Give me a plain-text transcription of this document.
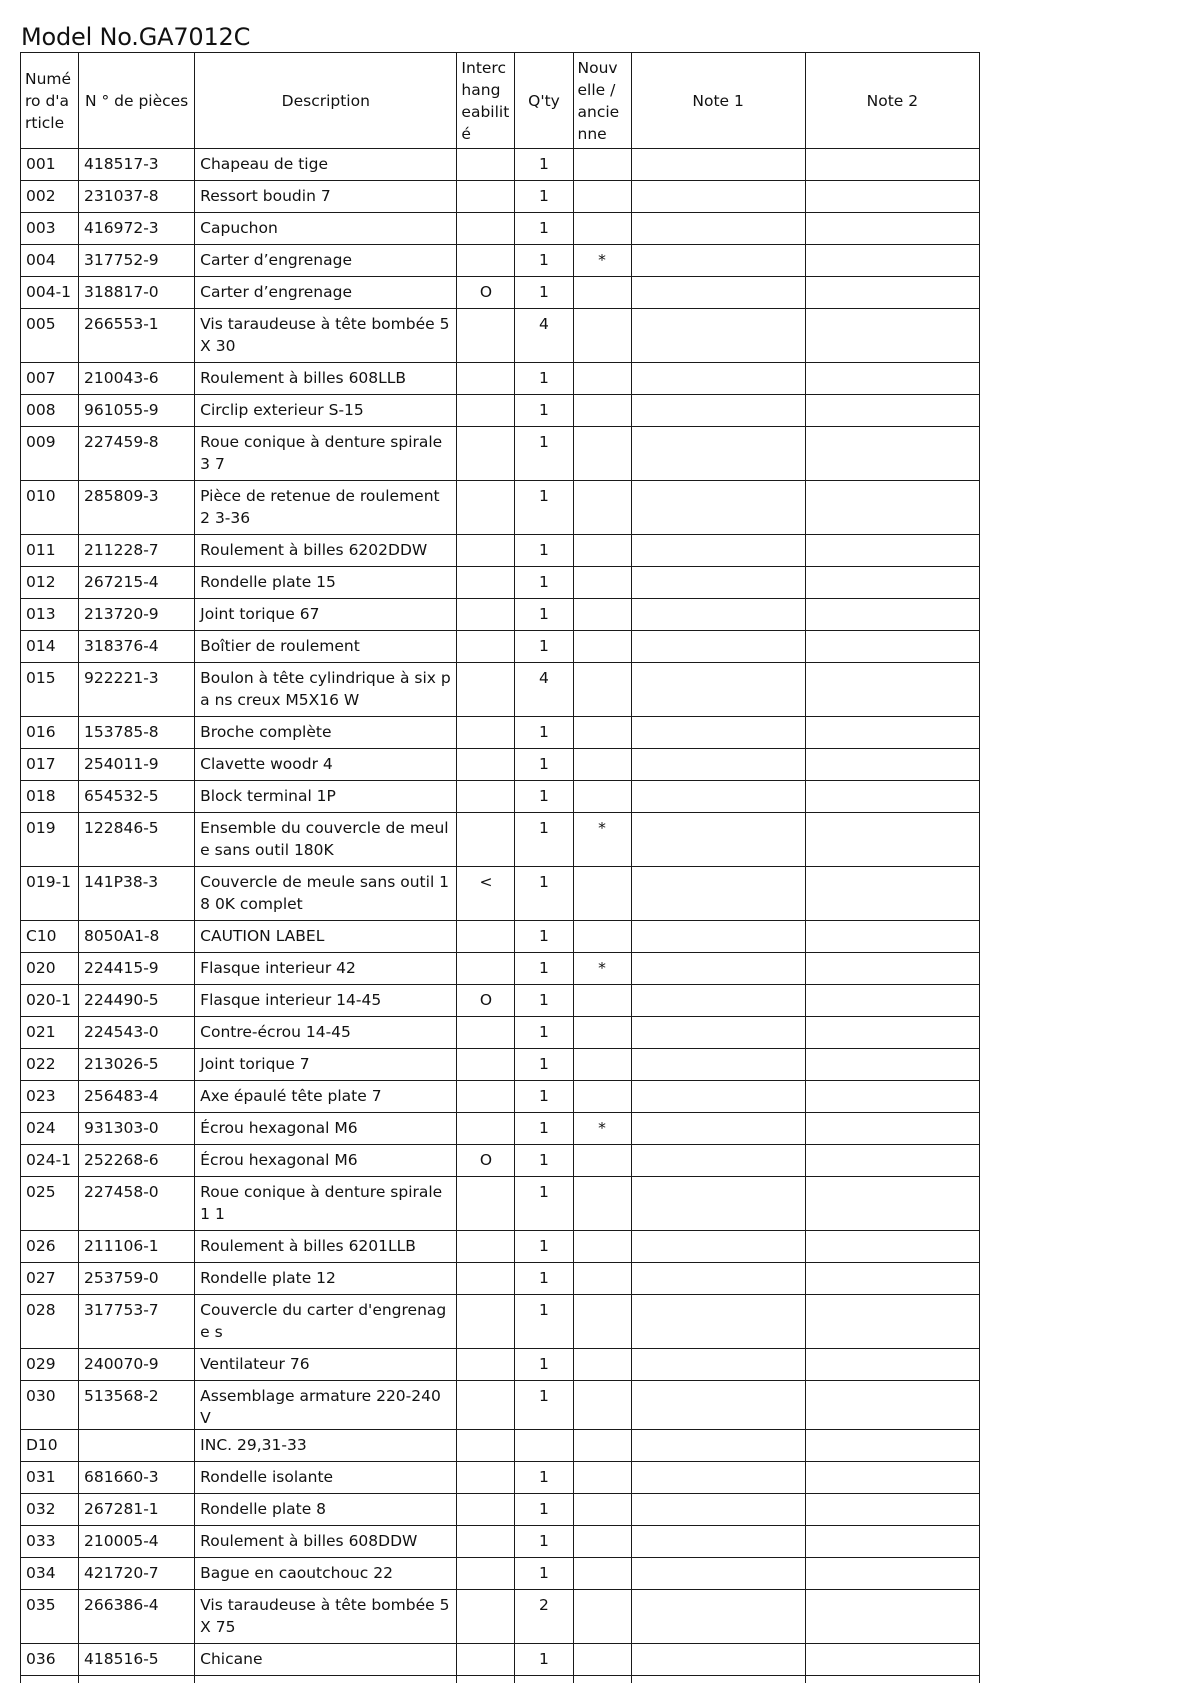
Model No.GA7012C
Numé ro d'a rticle	N ° de pièces	Description	Interc hang eabilit é	Q'ty	Nouv elle / ancie nne	Note 1	Note 2
001	418517-3	Chapeau de tige		1			
002	231037-8	Ressort boudin 7		1			
003	416972-3	Capuchon		1			
004	317752-9	Carter d’engrenage		1	*		
004-1	318817-0	Carter d’engrenage	O	1			
005	266553-1	Vis taraudeuse à tête bombée 5X 30		4			
007	210043-6	Roulement à billes 608LLB		1			
008	961055-9	Circlip exterieur S-15		1			
009	227459-8	Roue conique à denture spirale 3 7		1			
010	285809-3	Pièce de retenue de roulement 2 3-36		1			
011	211228-7	Roulement à billes 6202DDW		1			
012	267215-4	Rondelle plate 15		1			
013	213720-9	Joint torique 67		1			
014	318376-4	Boîtier de roulement		1			
015	922221-3	Boulon à tête cylindrique à six pa ns creux M5X16 W		4			
016	153785-8	Broche complète		1			
017	254011-9	Clavette woodr 4		1			
018	654532-5	Block terminal 1P		1			
019	122846-5	Ensemble du couvercle de meule sans outil 180K		1	*		
019-1	141P38-3	Couvercle de meule sans outil 18 0K complet	<	1			
C10	8050A1-8	CAUTION LABEL		1			
020	224415-9	Flasque interieur 42		1	*		
020-1	224490-5	Flasque interieur 14-45	O	1			
021	224543-0	Contre-écrou 14-45		1			
022	213026-5	Joint torique 7		1			
023	256483-4	Axe épaulé tête plate 7		1			
024	931303-0	Écrou hexagonal M6		1	*		
024-1	252268-6	Écrou hexagonal M6	O	1			
025	227458-0	Roue conique à denture spirale 1 1		1			
026	211106-1	Roulement à billes 6201LLB		1			
027	253759-0	Rondelle plate 12		1			
028	317753-7	Couvercle du carter d'engrenage s		1			
029	240070-9	Ventilateur 76		1			
030	513568-2	Assemblage armature 220-240V		1			
D10		INC. 29,31-33					
031	681660-3	Rondelle isolante		1			
032	267281-1	Rondelle plate 8		1			
033	210005-4	Roulement à billes 608DDW		1			
034	421720-7	Bague en caoutchouc 22		1			
035	266386-4	Vis taraudeuse à tête bombée 5X 75		2			
036	418516-5	Chicane		1			
